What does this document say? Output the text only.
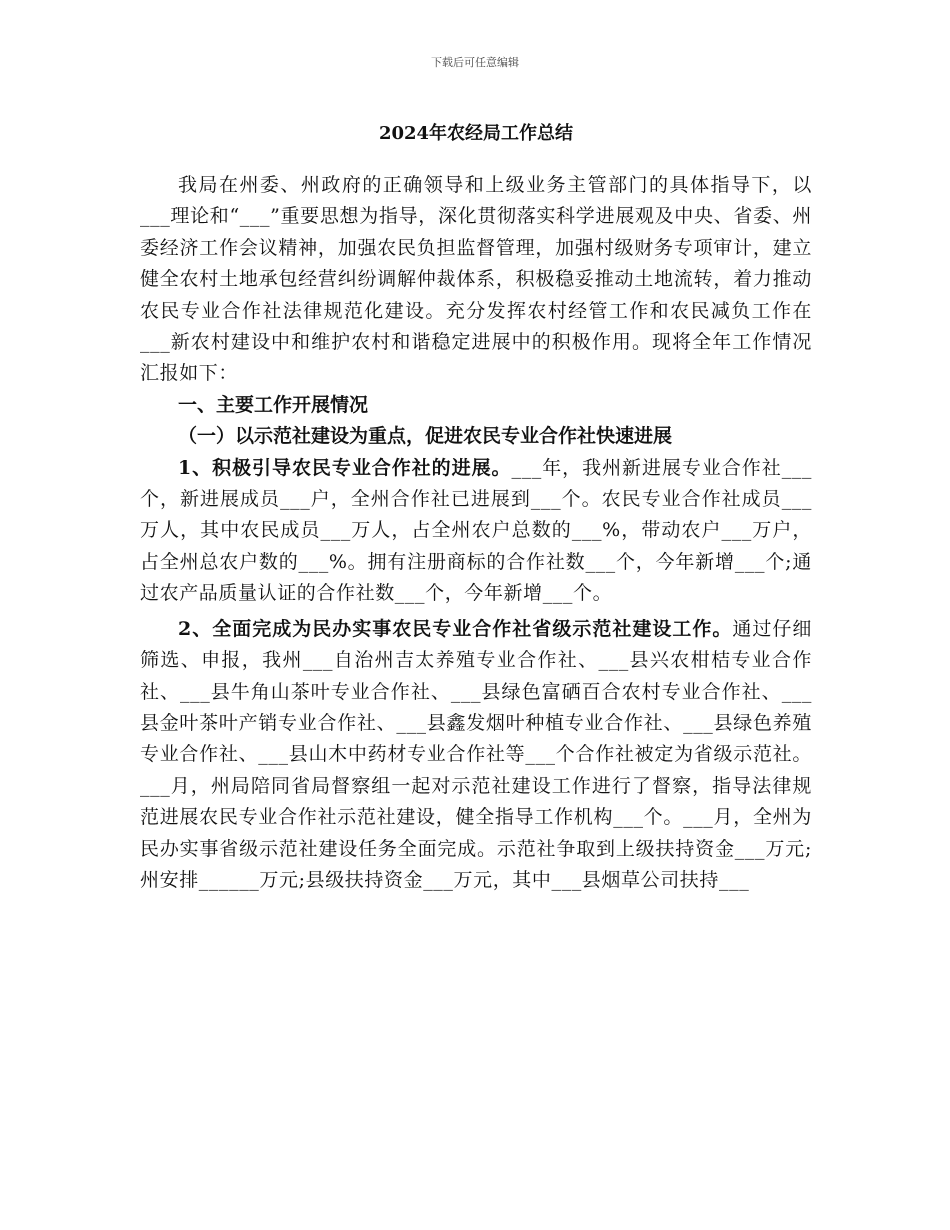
下载后可任意编辑
2024年农经局工作总结

我局在州委、州政府的正确领导和上级业务主管部门的具体指导下，以___理论和“___”重要思想为指导，深化贯彻落实科学进展观及中央、省委、州委经济工作会议精神，加强农民负担监督管理，加强村级财务专项审计，建立健全农村土地承包经营纠纷调解仲裁体系，积极稳妥推动土地流转，着力推动农民专业合作社法律规范化建设。充分发挥农村经管工作和农民减负工作在___新农村建设中和维护农村和谐稳定进展中的积极作用。现将全年工作情况汇报如下：

一、主要工作开展情况
（一）以示范社建设为重点，促进农民专业合作社快速进展

1、积极引导农民专业合作社的进展。___年，我州新进展专业合作社___个，新进展成员___户，全州合作社已进展到___个。农民专业合作社成员___万人，其中农民成员___万人，占全州农户总数的___%，带动农户___万户，占全州总农户数的___%。拥有注册商标的合作社数___个，今年新增___个;通过农产品质量认证的合作社数___个，今年新增___个。

2、全面完成为民办实事农民专业合作社省级示范社建设工作。通过仔细筛选、申报，我州___自治州吉太养殖专业合作社、___县兴农柑桔专业合作社、___县牛角山茶叶专业合作社、___县绿色富硒百合农村专业合作社、___县金叶茶叶产销专业合作社、___县鑫发烟叶种植专业合作社、___县绿色养殖专业合作社、___县山木中药材专业合作社等___个合作社被定为省级示范社。___月，州局陪同省局督察组一起对示范社建设工作进行了督察，指导法律规范进展农民专业合作社示范社建设，健全指导工作机构___个。___月，全州为民办实事省级示范社建设任务全面完成。示范社争取到上级扶持资金___万元;州安排______万元;县级扶持资金___万元，其中___县烟草公司扶持___
